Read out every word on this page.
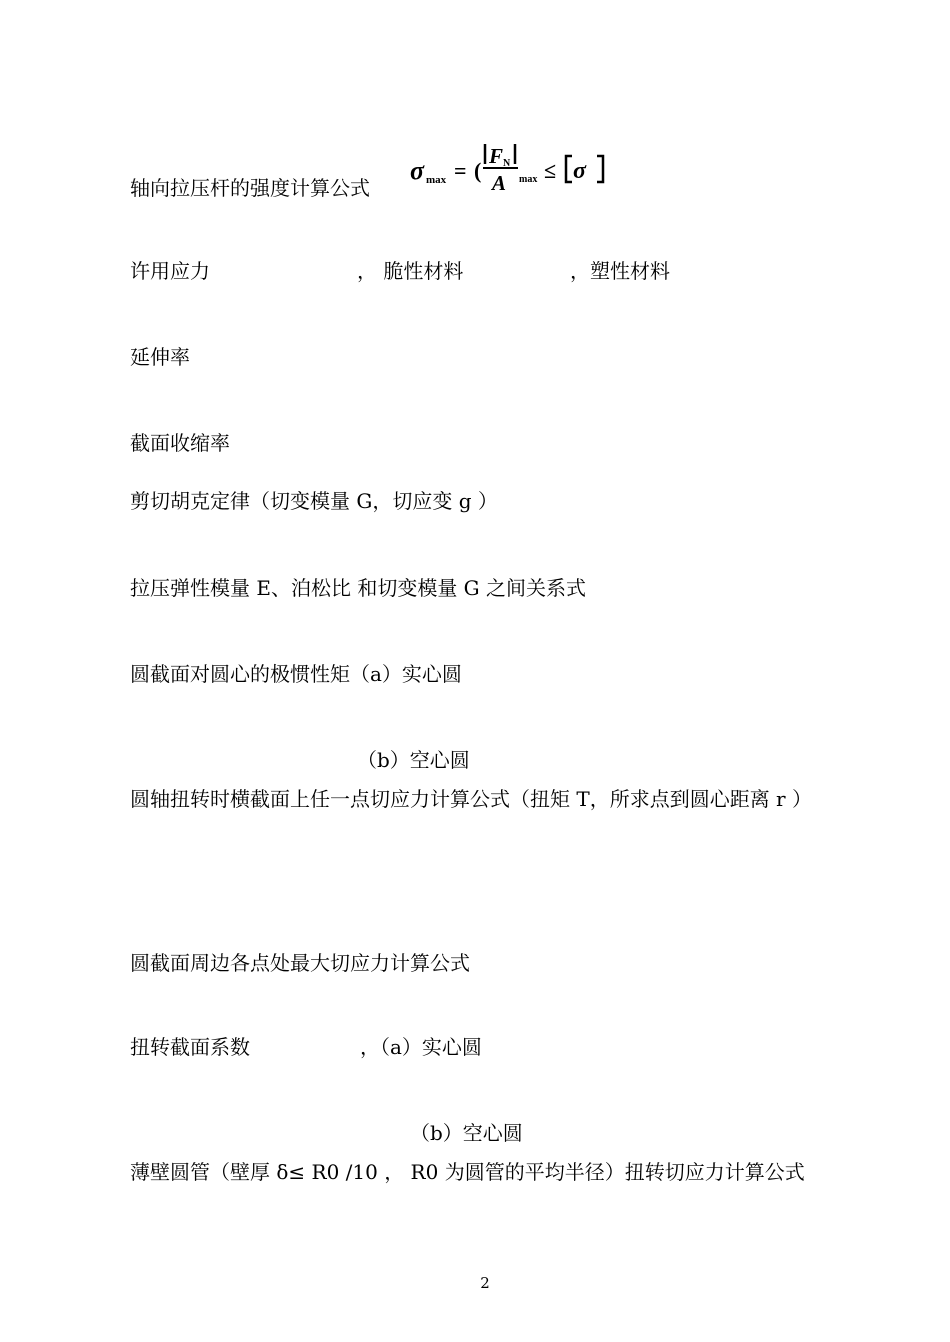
轴向拉压杆的强度计算公式
σ max = (
F N
A max ≤ σ
许用应力	， 脆性材料	，塑性材料
延伸率
截面收缩率
剪切胡克定律（切变模量 G，切应变 g ）
拉压弹性模量 E、泊松比 和切变模量 G 之间关系式
圆截面对圆心的极惯性矩（a）实心圆
（b）空心圆
圆轴扭转时横截面上任一点切应力计算公式（扭矩 T，所求点到圆心距离 r ）
圆截面周边各点处最大切应力计算公式
扭转截面系数	，（a）实心圆
（b）空心圆
薄壁圆管（壁厚 δ≤ R0 /10 ， R0 为圆管的平均半径）扭转切应力计算公式
2
